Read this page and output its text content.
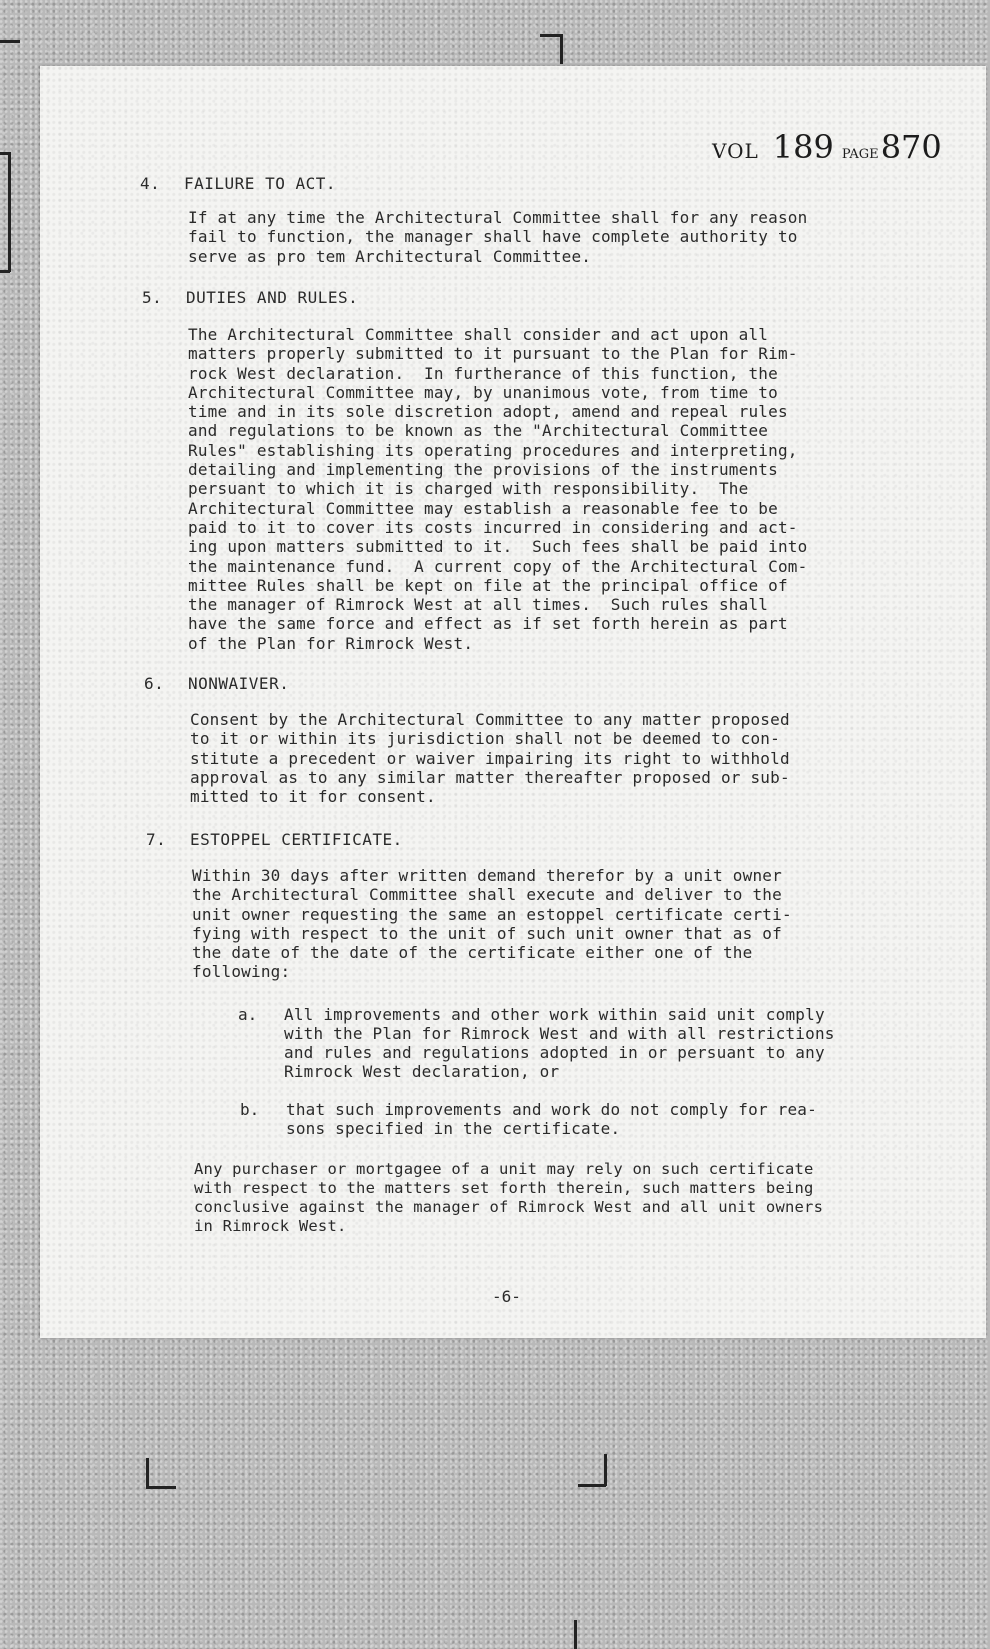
VOL 189 PAGE870
4. FAILURE TO ACT.
If at any time the Architectural Committee shall for any reason
fail to function, the manager shall have complete authority to
serve as pro tem Architectural Committee.
5. DUTIES AND RULES.
The Architectural Committee shall consider and act upon all
matters properly submitted to it pursuant to the Plan for Rim-
rock West declaration.  In furtherance of this function, the
Architectural Committee may, by unanimous vote, from time to
time and in its sole discretion adopt, amend and repeal rules
and regulations to be known as the "Architectural Committee
Rules" establishing its operating procedures and interpreting,
detailing and implementing the provisions of the instruments
persuant to which it is charged with responsibility.  The
Architectural Committee may establish a reasonable fee to be
paid to it to cover its costs incurred in considering and act-
ing upon matters submitted to it.  Such fees shall be paid into
the maintenance fund.  A current copy of the Architectural Com-
mittee Rules shall be kept on file at the principal office of
the manager of Rimrock West at all times.  Such rules shall
have the same force and effect as if set forth herein as part
of the Plan for Rimrock West.
6. NONWAIVER.
Consent by the Architectural Committee to any matter proposed
to it or within its jurisdiction shall not be deemed to con-
stitute a precedent or waiver impairing its right to withhold
approval as to any similar matter thereafter proposed or sub-
mitted to it for consent.
7. ESTOPPEL CERTIFICATE.
Within 30 days after written demand therefor by a unit owner
the Architectural Committee shall execute and deliver to the
unit owner requesting the same an estoppel certificate certi-
fying with respect to the unit of such unit owner that as of
the date of the date of the certificate either one of the
following:
a. All improvements and other work within said unit comply
with the Plan for Rimrock West and with all restrictions
and rules and regulations adopted in or persuant to any
Rimrock West declaration, or
b. that such improvements and work do not comply for rea-
sons specified in the certificate.
Any purchaser or mortgagee of a unit may rely on such certificate
with respect to the matters set forth therein, such matters being
conclusive against the manager of Rimrock West and all unit owners
in Rimrock West.
-6-
